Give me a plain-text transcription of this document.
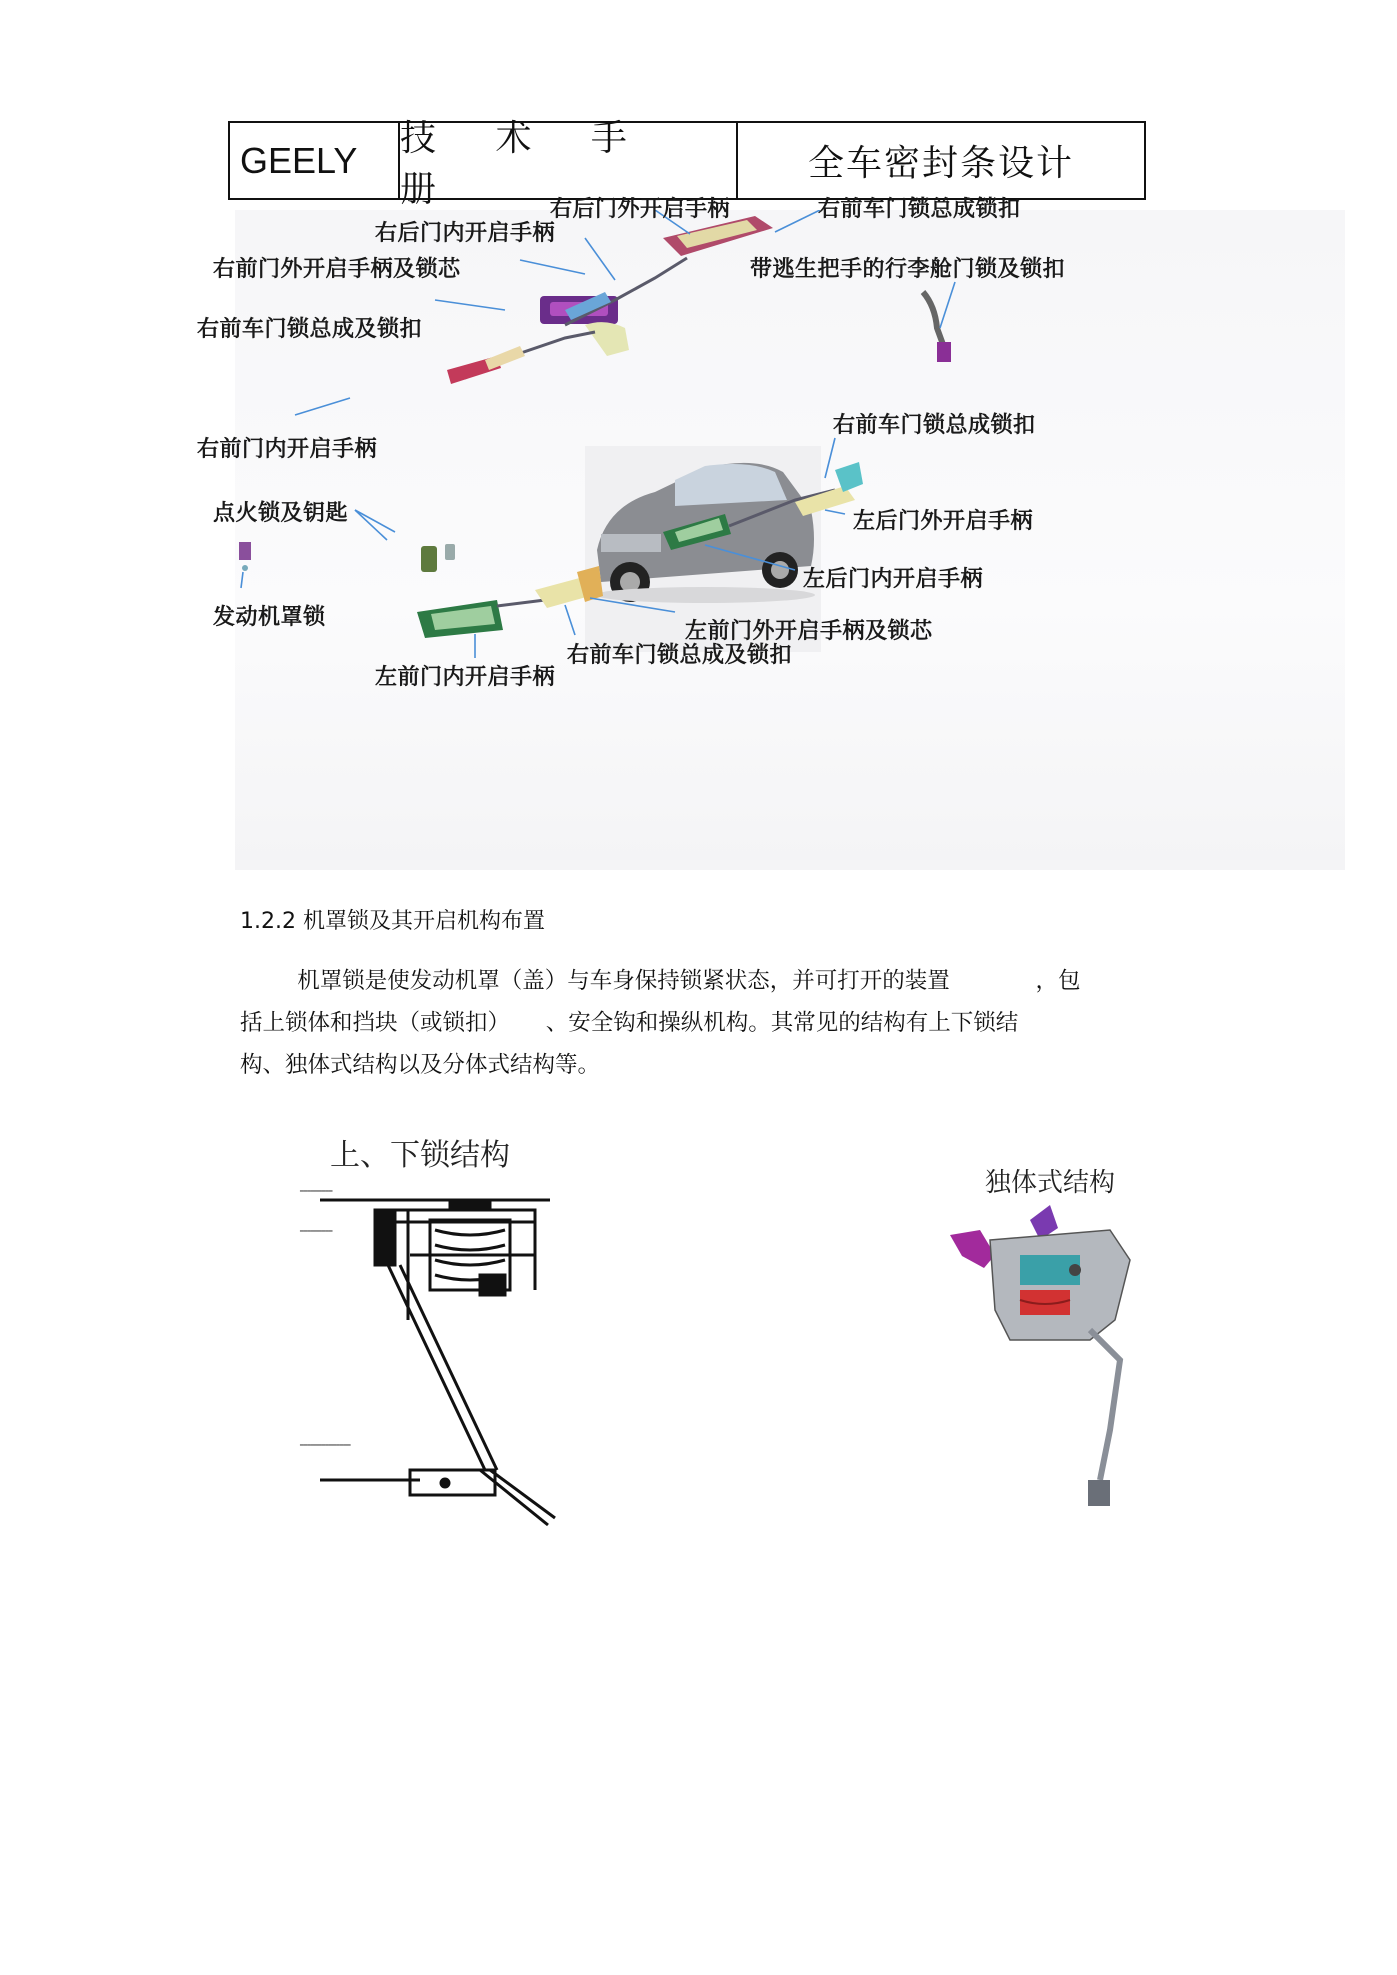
GEELY
技 术 手 册
全车密封条设计
右后门外开启手柄
右后门内开启手柄
右前车门锁总成锁扣
带逃生把手的行李舱门锁及锁扣
右前门外开启手柄及锁芯
右前车门锁总成及锁扣
右前门内开启手柄
右前车门锁总成锁扣
点火锁及钥匙	左后门外开启手柄
左后门内开启手柄
发动机罩锁
左前门外开启手柄及锁芯
右前车门锁总成及锁扣
左前门内开启手柄
1.2.2 机罩锁及其开启机构布置

机罩锁是使发动机罩（盖）与车身保持锁紧状态，并可打开的装置            ，包

括上锁体和挡块（或锁扣）     、安全钩和操纵机构。其常见的结构有上下锁结

构、独体式结构以及分体式结构等。

上、下锁结构
━━━━━━━━━
━━━━━━━━━
━━━━━━━━━━━━━━
独体式结构
